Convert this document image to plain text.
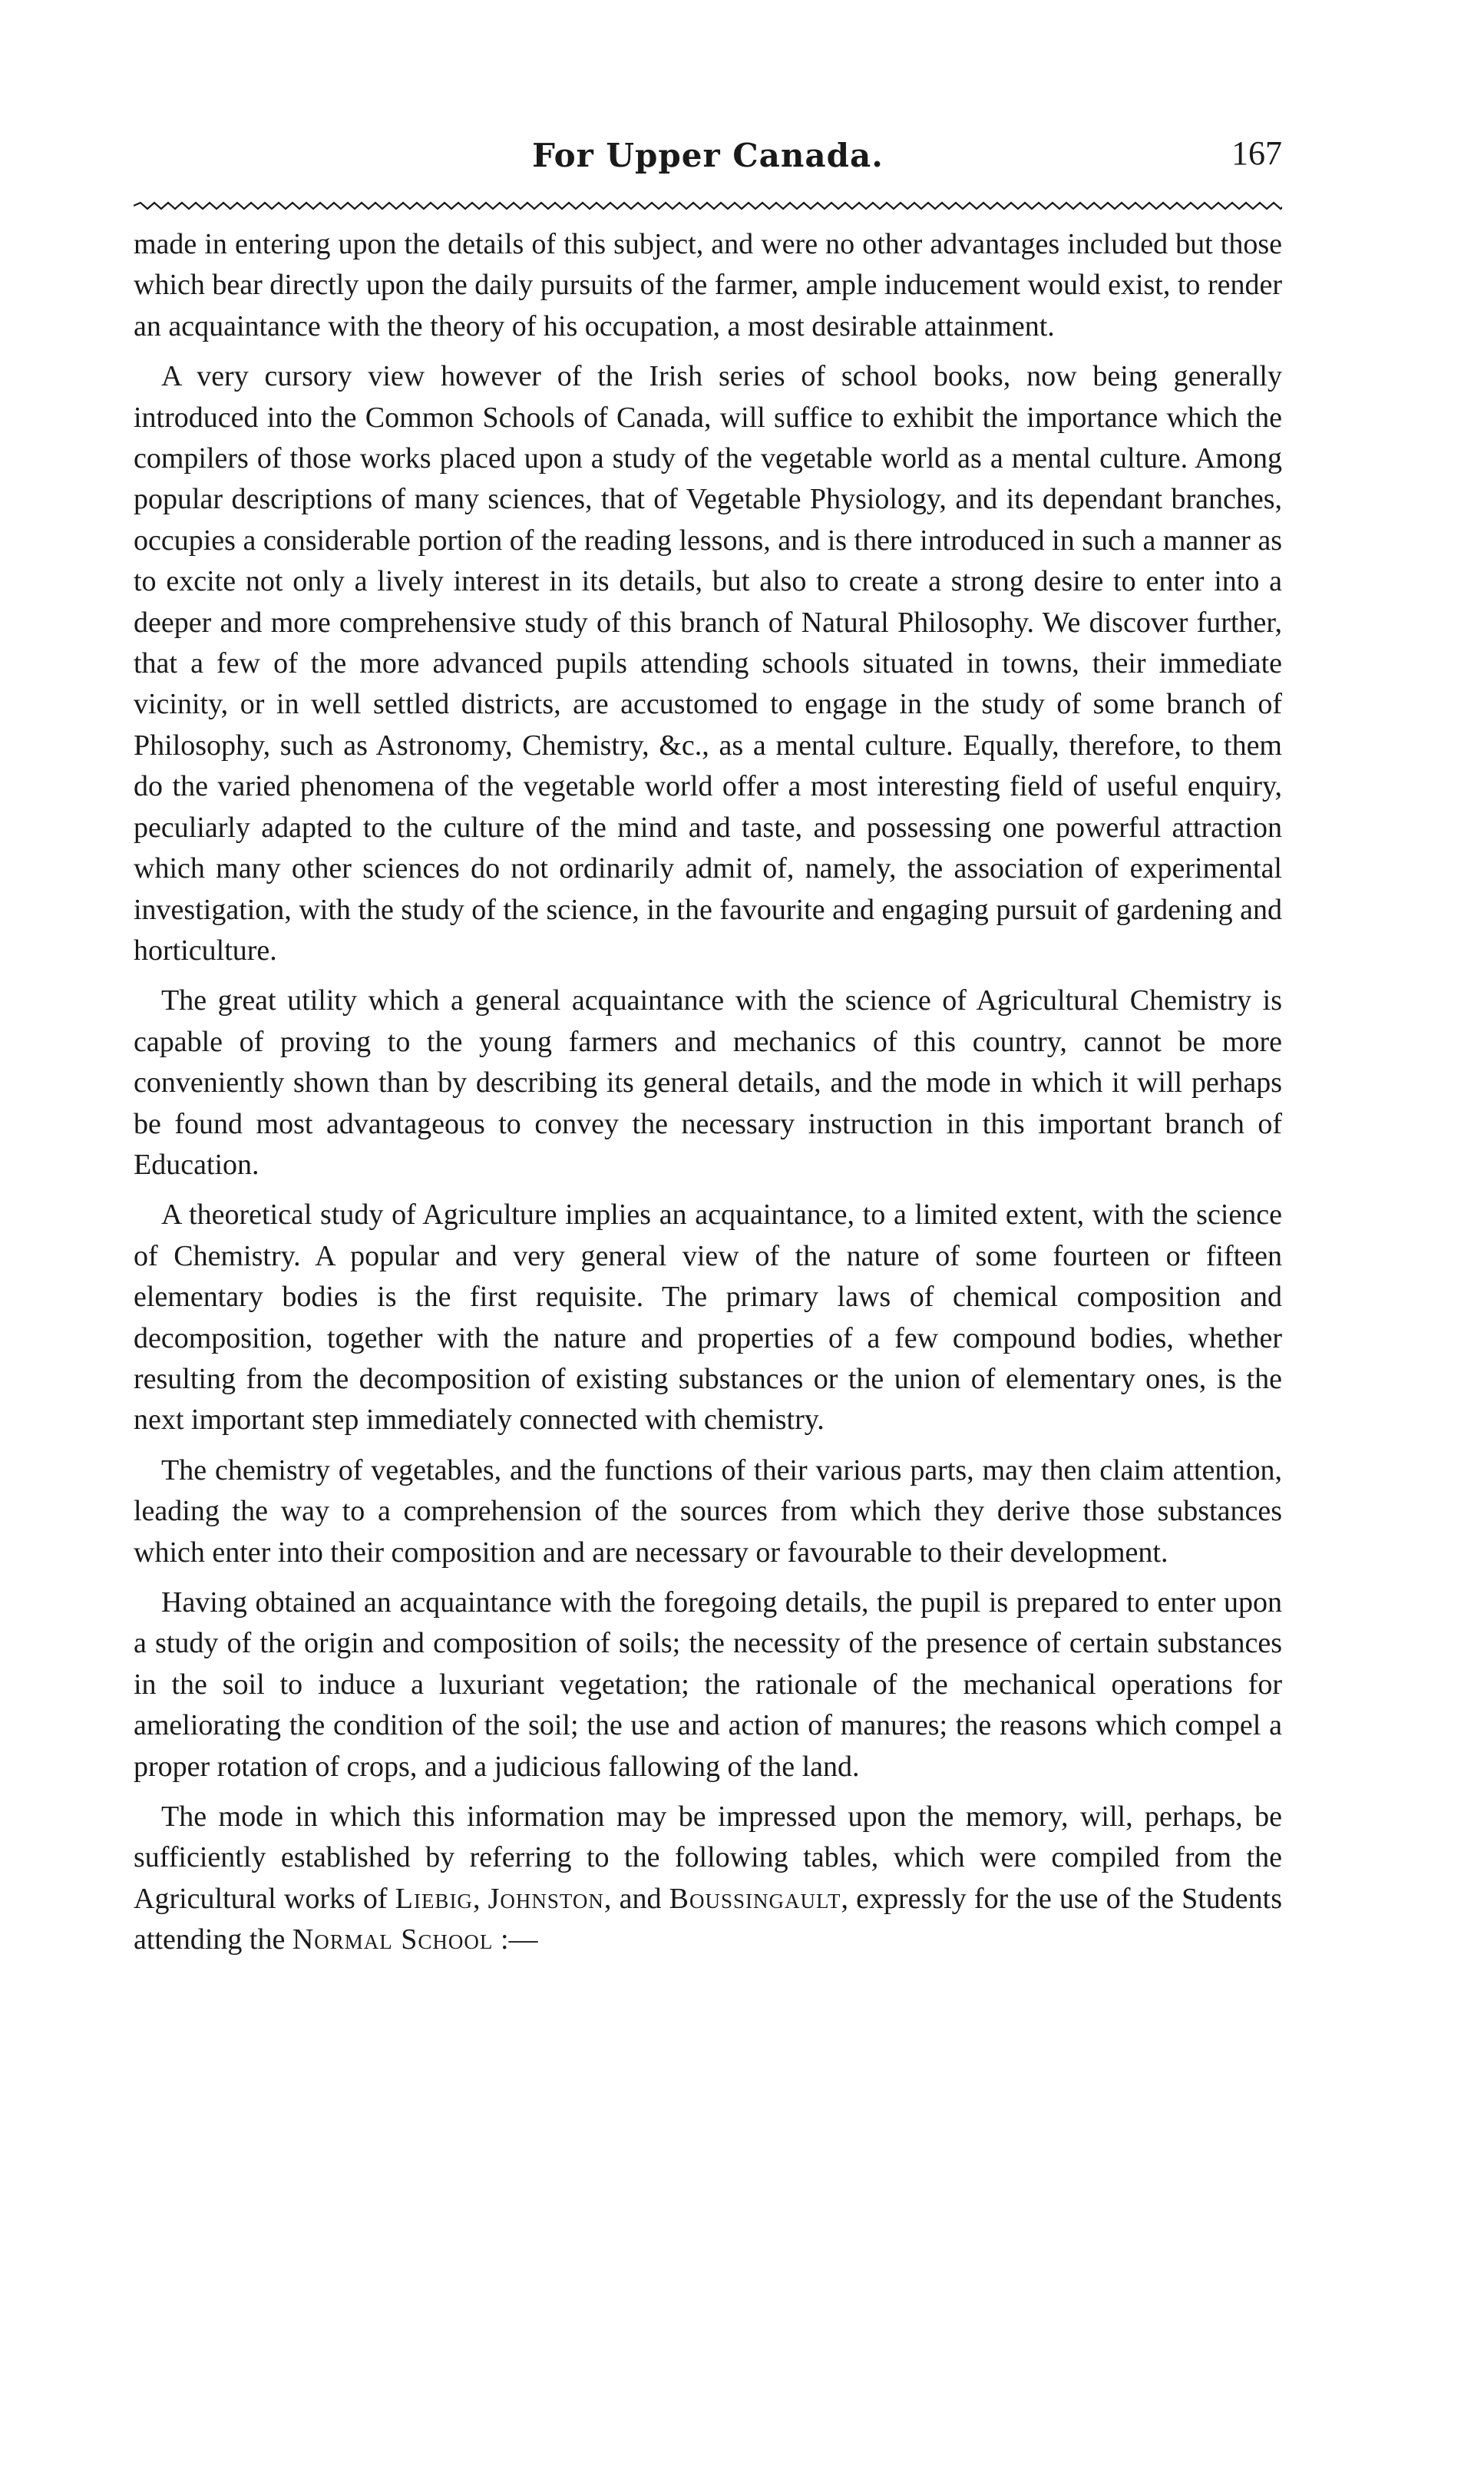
For Upper Canada.	167

made in entering upon the details of this subject, and were no other advantages included but those which bear directly upon the daily pursuits of the farmer, ample inducement would exist, to render an acquaintance with the theory of his occupation, a most desirable attainment.

A very cursory view however of the Irish series of school books, now being generally introduced into the Common Schools of Canada, will suffice to exhibit the importance which the compilers of those works placed upon a study of the vegetable world as a mental culture. Among popular descriptions of many sciences, that of Vegetable Physiology, and its dependant branches, occupies a considerable portion of the reading lessons, and is there introduced in such a manner as to excite not only a lively interest in its details, but also to create a strong desire to enter into a deeper and more comprehensive study of this branch of Natural Philosophy. We discover further, that a few of the more advanced pupils attending schools situated in towns, their immediate vicinity, or in well settled districts, are accustomed to engage in the study of some branch of Philosophy, such as Astronomy, Chemistry, &c., as a mental culture. Equally, therefore, to them do the varied phenomena of the vegetable world offer a most interesting field of useful enquiry, peculiarly adapted to the culture of the mind and taste, and possessing one powerful attraction which many other sciences do not ordinarily admit of, namely, the association of experimental investigation, with the study of the science, in the favourite and engaging pursuit of gardening and horticulture.

The great utility which a general acquaintance with the science of Agricultural Chemistry is capable of proving to the young farmers and mechanics of this country, cannot be more conveniently shown than by describing its general details, and the mode in which it will perhaps be found most advantageous to convey the necessary instruction in this important branch of Education.

A theoretical study of Agriculture implies an acquaintance, to a limited extent, with the science of Chemistry. A popular and very general view of the nature of some fourteen or fifteen elementary bodies is the first requisite. The primary laws of chemical composition and decomposition, together with the nature and properties of a few compound bodies, whether resulting from the decomposition of existing substances or the union of elementary ones, is the next important step immediately connected with chemistry.

The chemistry of vegetables, and the functions of their various parts, may then claim attention, leading the way to a comprehension of the sources from which they derive those substances which enter into their composition and are necessary or favourable to their development.

Having obtained an acquaintance with the foregoing details, the pupil is prepared to enter upon a study of the origin and composition of soils; the necessity of the presence of certain substances in the soil to induce a luxuriant vegetation; the rationale of the mechanical operations for ameliorating the condition of the soil; the use and action of manures; the reasons which compel a proper rotation of crops, and a judicious fallowing of the land.

The mode in which this information may be impressed upon the memory, will, perhaps, be sufficiently established by referring to the following tables, which were compiled from the Agricultural works of Liebig, Johnston, and Boussingault, expressly for the use of the Students attending the Normal School :—
